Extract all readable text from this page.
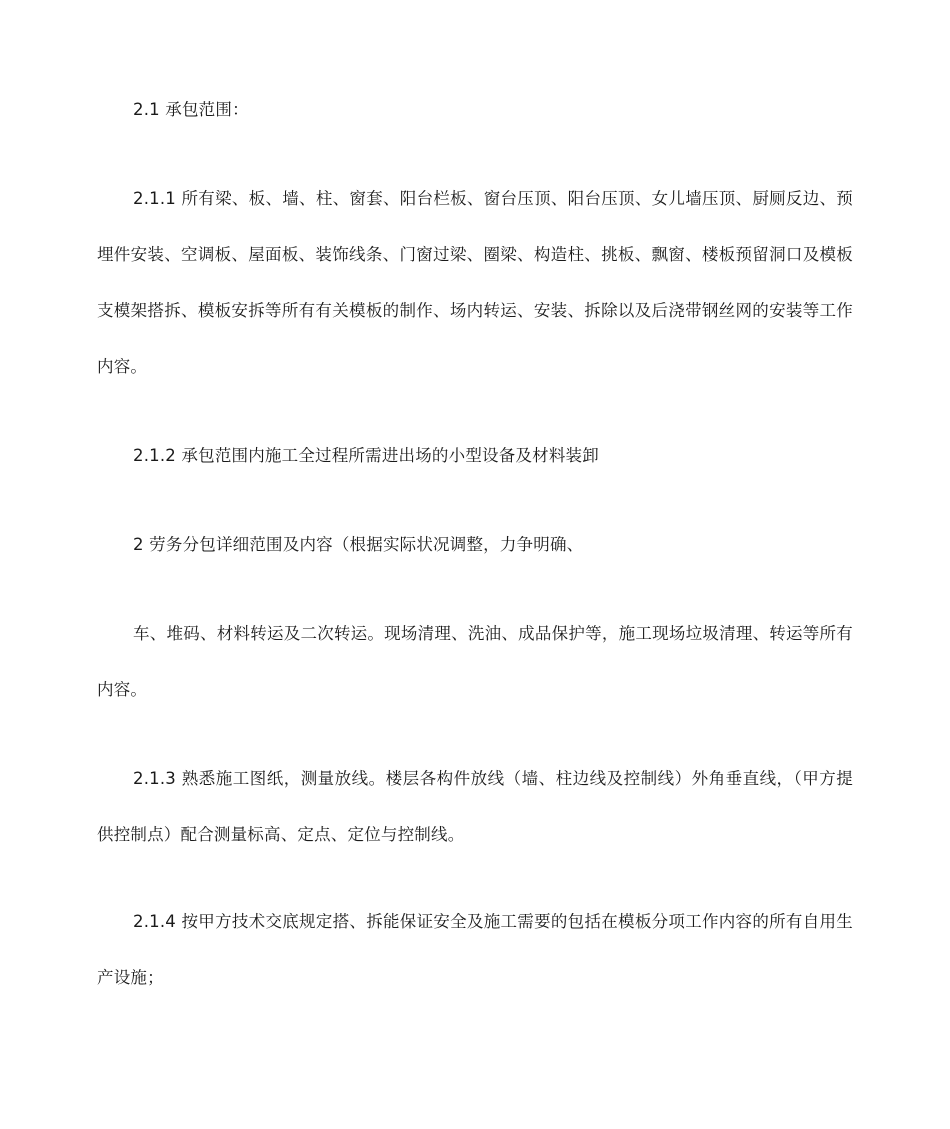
2.1 承包范围：

2.1.1 所有梁、板、墙、柱、窗套、阳台栏板、窗台压顶、阳台压顶、女儿墙压顶、厨厕反边、预埋件安装、空调板、屋面板、装饰线条、门窗过梁、圈梁、构造柱、挑板、飘窗、楼板预留洞口及模板支模架搭拆、模板安拆等所有有关模板的制作、场内转运、安装、拆除以及后浇带钢丝网的安装等工作内容。

2.1.2 承包范围内施工全过程所需进出场的小型设备及材料装卸

2 劳务分包详细范围及内容（根据实际状况调整，力争明确、

车、堆码、材料转运及二次转运。现场清理、洗油、成品保护等，施工现场垃圾清理、转运等所有内容。

2.1.3 熟悉施工图纸，测量放线。楼层各构件放线（墙、柱边线及控制线）外角垂直线，（甲方提供控制点）配合测量标高、定点、定位与控制线。

2.1.4 按甲方技术交底规定搭、拆能保证安全及施工需要的包括在模板分项工作内容的所有自用生产设施；
